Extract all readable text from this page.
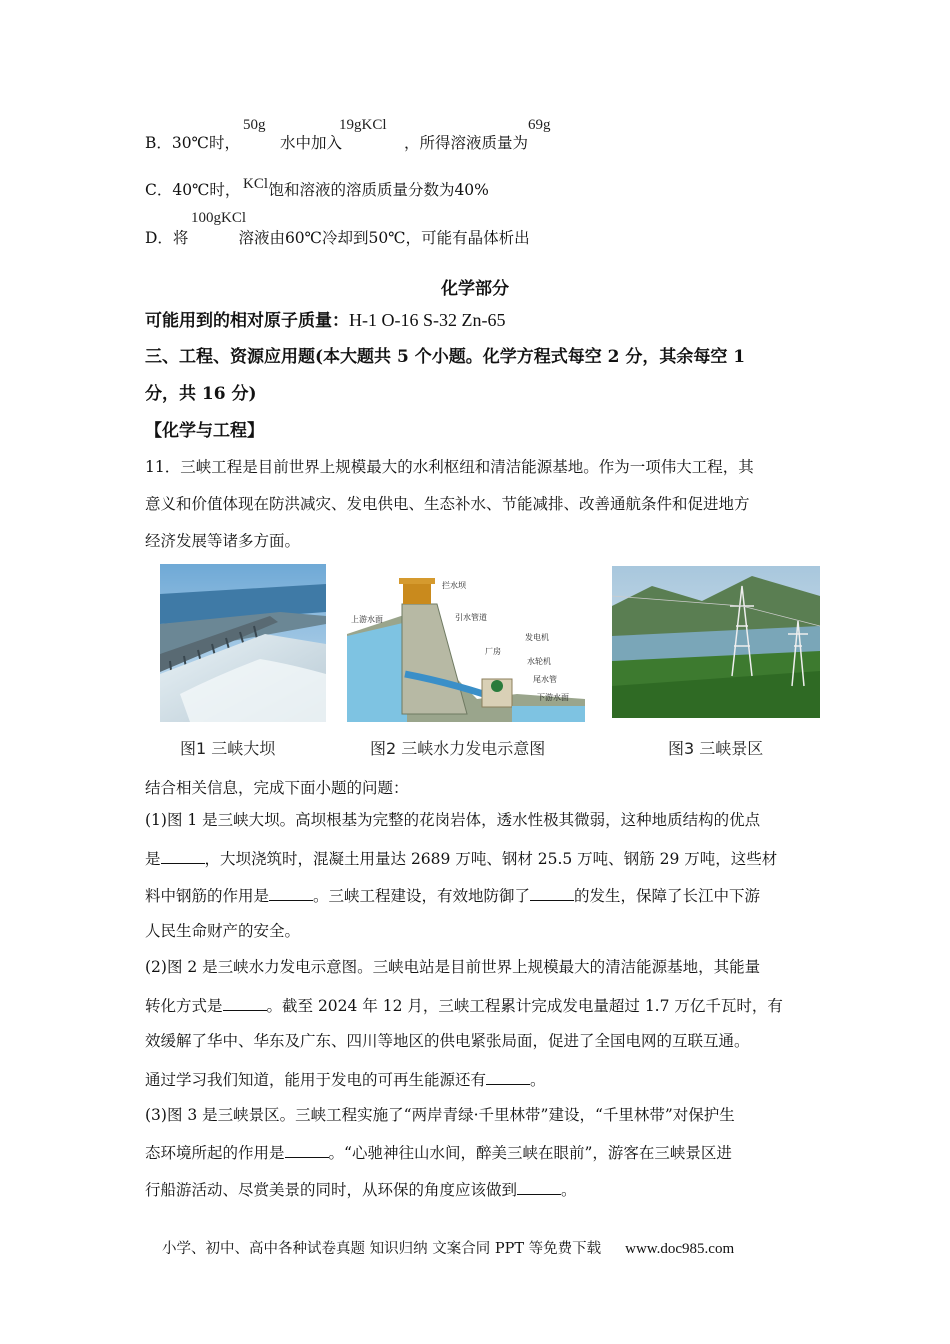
50g	19gKCl	69g
B．30℃时，	水中加入	，所得溶液质量为
KCl
C．40℃时， 饱和溶液的溶质质量分数为40%
100gKCl
D．将	溶液由60℃冷却到50℃，可能有晶体析出
化学部分
可能用到的相对原子质量：H-1 O-16 S-32 Zn-65
三、工程、资源应用题(本大题共 5 个小题。化学方程式每空 2 分，其余每空 1
分，共 16 分)
【化学与工程】
11．三峡工程是目前世界上规模最大的水利枢纽和清洁能源基地。作为一项伟大工程，其
意义和价值体现在防洪减灾、发电供电、生态补水、节能减排、改善通航条件和促进地方
经济发展等诸多方面。
上游水面
拦水坝
引水管道
发电机
厂房
水轮机
尾水管
下游水面
图1 三峡大坝	图2 三峡水力发电示意图	图3 三峡景区
结合相关信息，完成下面小题的问题：
(1)图 1 是三峡大坝。高坝根基为完整的花岗岩体，透水性极其微弱，这种地质结构的优点
是	，大坝浇筑时，混凝土用量达 2689 万吨、钢材 25.5 万吨、钢筋 29 万吨，这些材
料中钢筋的作用是	。三峡工程建设，有效地防御了	的发生，保障了长江中下游
人民生命财产的安全。
(2)图 2 是三峡水力发电示意图。三峡电站是目前世界上规模最大的清洁能源基地，其能量
转化方式是	。截至 2024 年 12 月，三峡工程累计完成发电量超过 1.7 万亿千瓦时，有
效缓解了华中、华东及广东、四川等地区的供电紧张局面，促进了全国电网的互联互通。
通过学习我们知道，能用于发电的可再生能源还有	。
(3)图 3 是三峡景区。三峡工程实施了“两岸青绿·千里林带”建设，“千里林带”对保护生
态环境所起的作用是	。“心驰神往山水间，醉美三峡在眼前”，游客在三峡景区进
行船游活动、尽赏美景的同时，从环保的角度应该做到	。
小学、初中、高中各种试卷真题 知识归纳 文案合同 PPT 等免费下载 www.doc985.com
